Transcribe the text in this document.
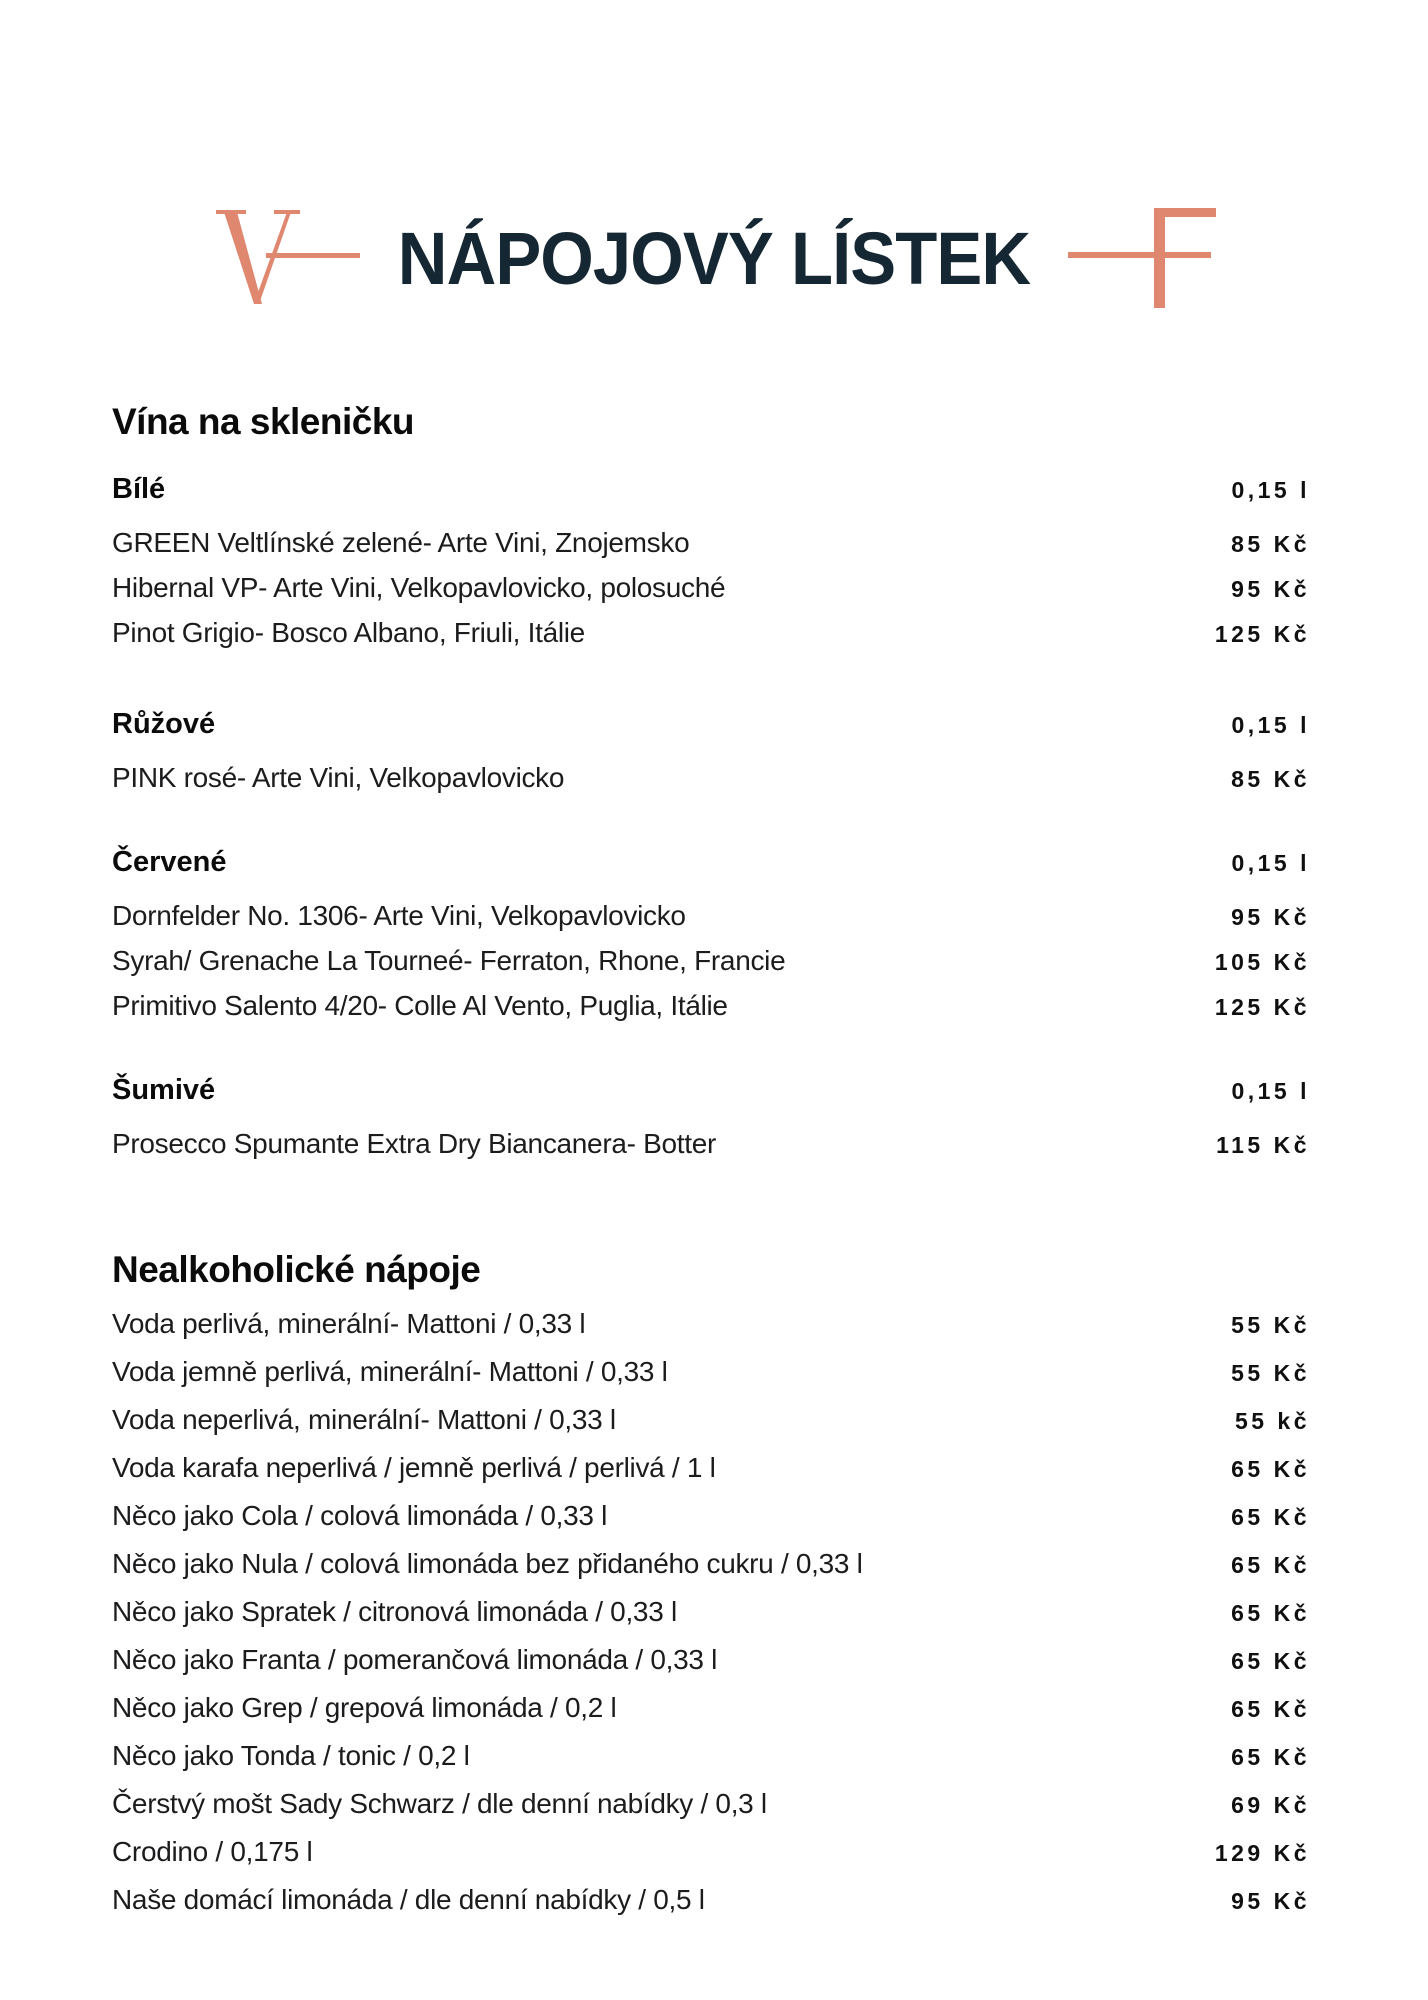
NÁPOJOVÝ LÍSTEK
Vína na skleničku
Bílé	0,15 l
GREEN Veltlínské zelené- Arte Vini, Znojemsko	85 Kč
Hibernal VP- Arte Vini, Velkopavlovicko, polosuché	95 Kč
Pinot Grigio- Bosco Albano, Friuli, Itálie	125 Kč
Růžové	0,15 l
PINK rosé- Arte Vini, Velkopavlovicko	85 Kč
Červené	0,15 l
Dornfelder No. 1306- Arte Vini, Velkopavlovicko	95 Kč
Syrah/ Grenache La Tourneé- Ferraton, Rhone, Francie	105 Kč
Primitivo Salento 4/20- Colle Al Vento, Puglia, Itálie	125 Kč
Šumivé	0,15 l
Prosecco Spumante Extra Dry Biancanera- Botter	115 Kč
Nealkoholické nápoje
Voda perlivá, minerální- Mattoni / 0,33 l	55 Kč
Voda jemně perlivá, minerální- Mattoni / 0,33 l	55 Kč
Voda neperlivá, minerální- Mattoni / 0,33 l	55 kč
Voda karafa neperlivá / jemně perlivá / perlivá / 1 l	65 Kč
Něco jako Cola / colová limonáda / 0,33 l	65 Kč
Něco jako Nula / colová limonáda bez přidaného cukru / 0,33 l	65 Kč
Něco jako Spratek / citronová limonáda / 0,33 l	65 Kč
Něco jako Franta / pomerančová limonáda / 0,33 l	65 Kč
Něco jako Grep / grepová limonáda / 0,2 l	65 Kč
Něco jako Tonda / tonic / 0,2 l	65 Kč
Čerstvý mošt Sady Schwarz / dle denní nabídky / 0,3 l	69 Kč
Crodino / 0,175 l	129 Kč
Naše domácí limonáda / dle denní nabídky / 0,5 l	95 Kč
